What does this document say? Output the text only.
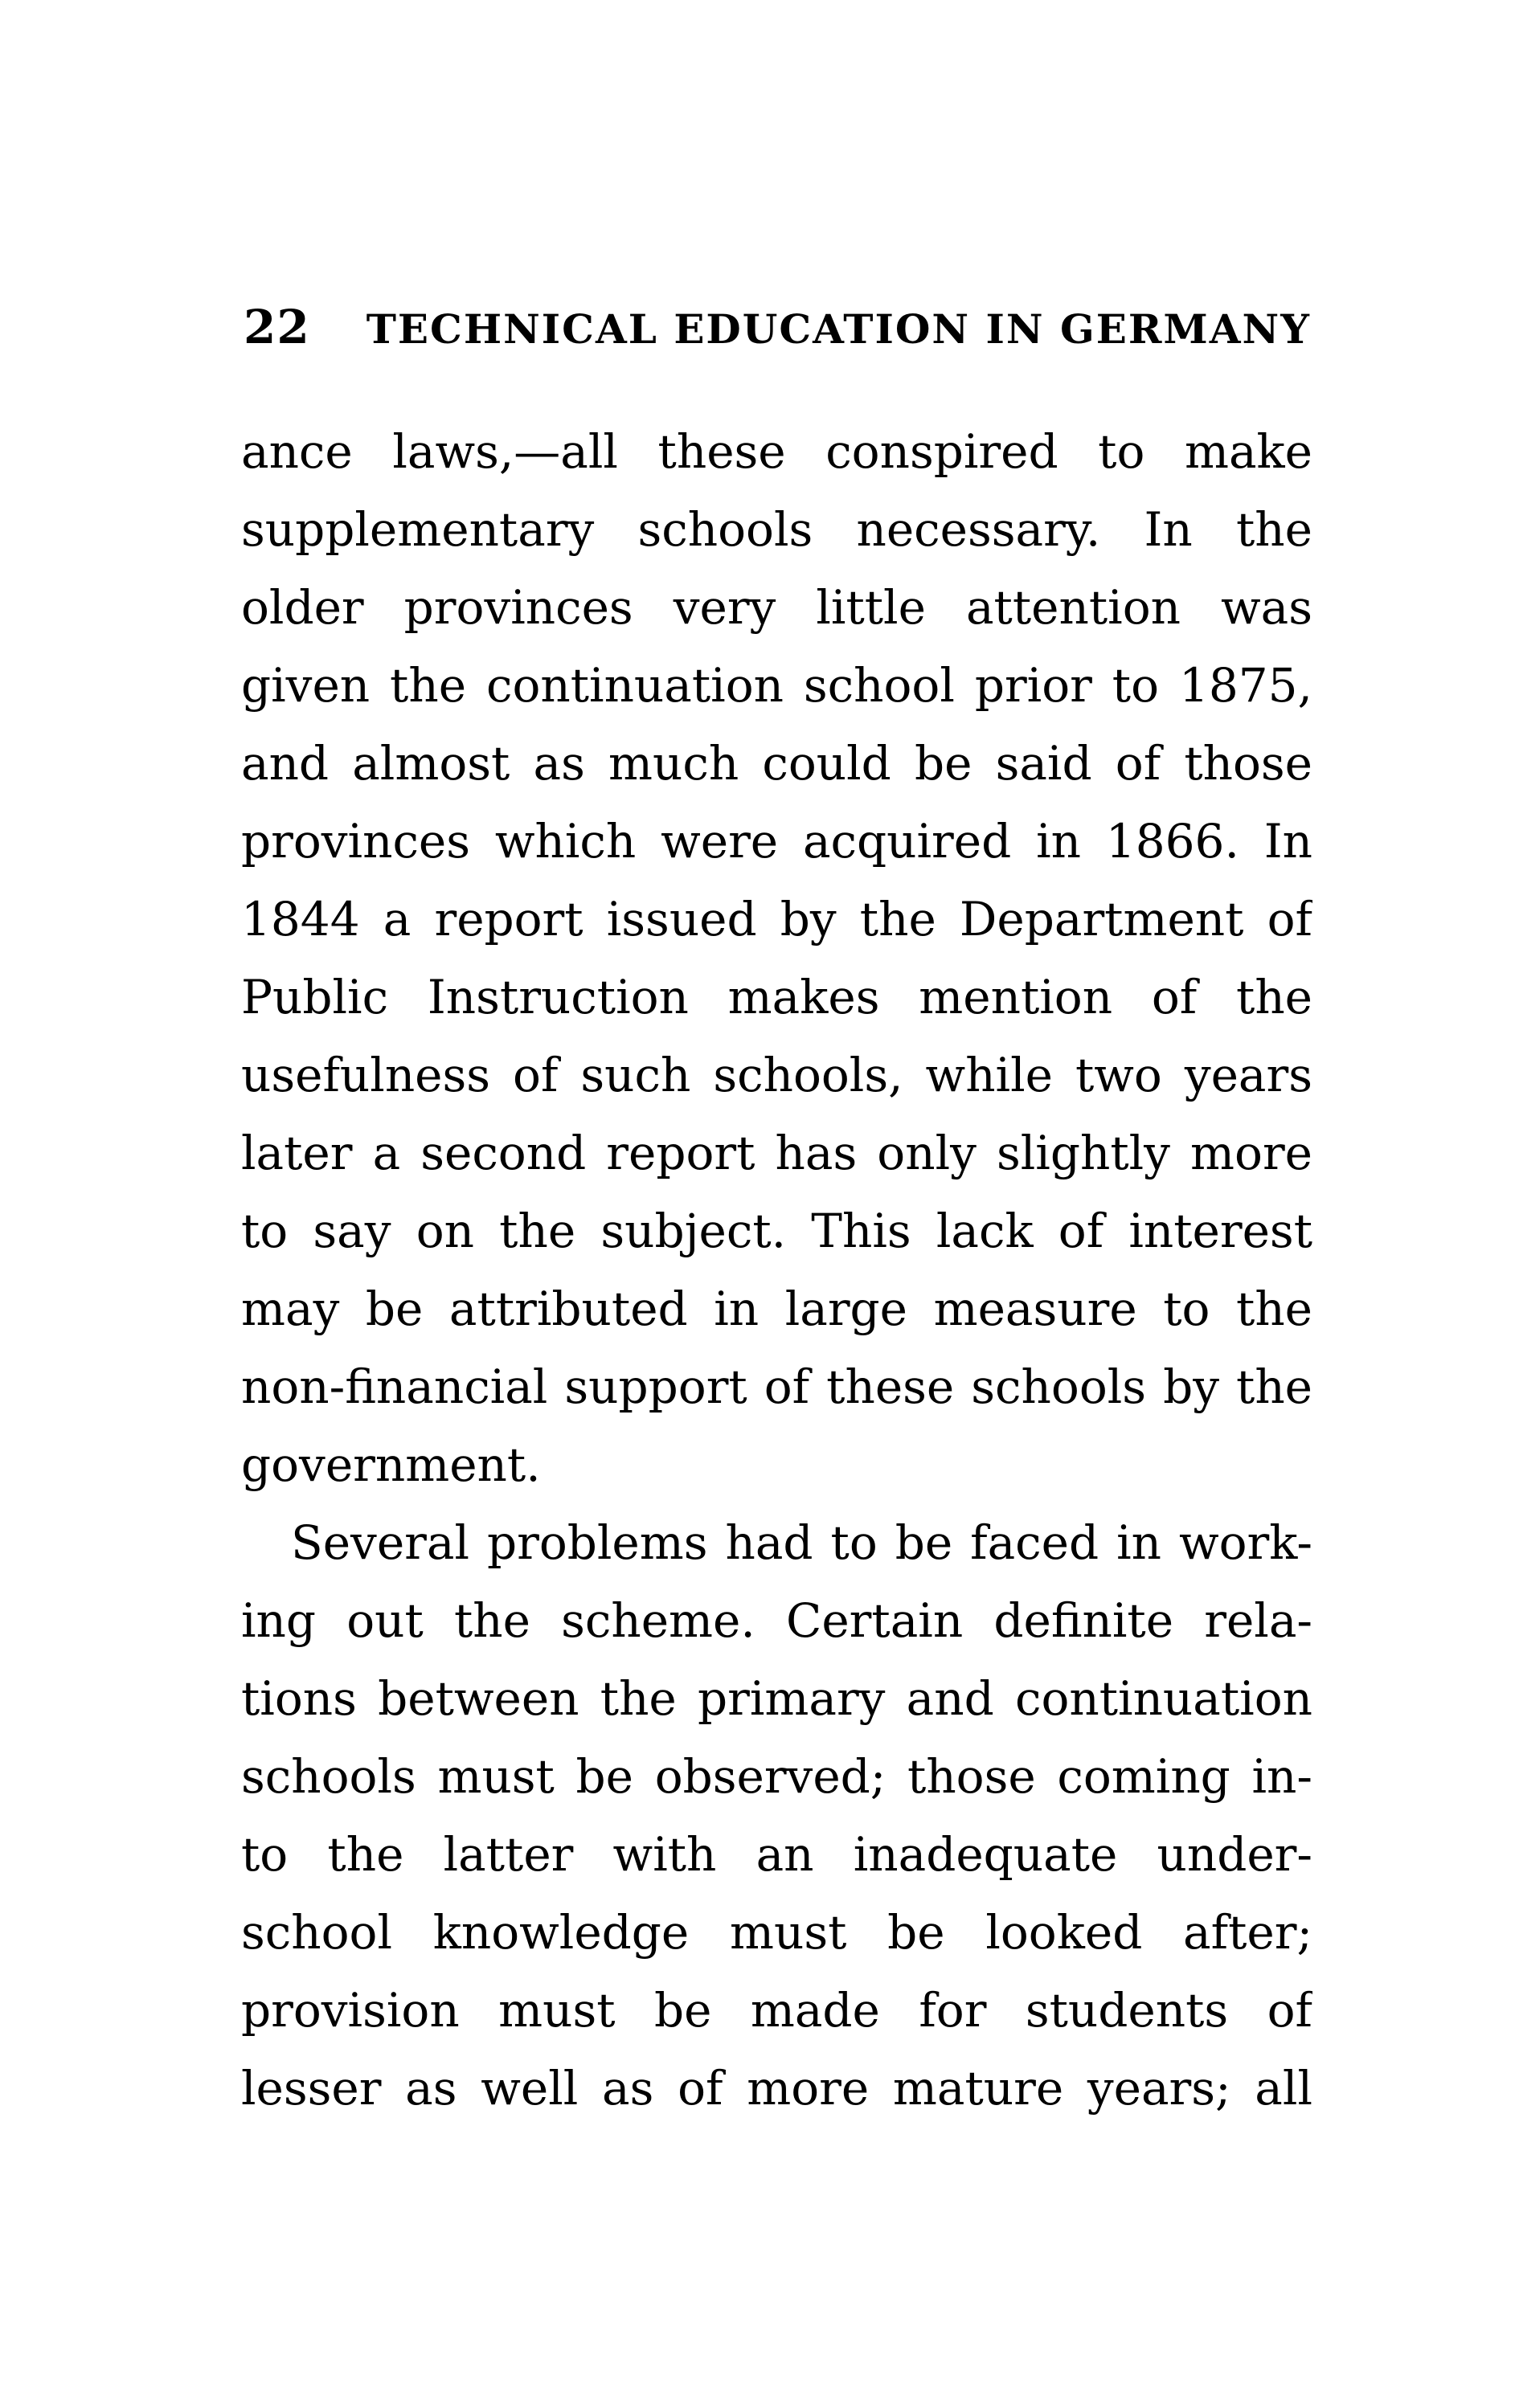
22 TECHNICAL EDUCATION IN GERMANY
ance laws,—all these conspired to make
supplementary schools necessary. In the
older provinces very little attention was
given the continuation school prior to 1875,
and almost as much could be said of those
provinces which were acquired in 1866. In
1844 a report issued by the Department of
Public Instruction makes mention of the
usefulness of such schools, while two years
later a second report has only slightly more
to say on the subject. This lack of interest
may be attributed in large measure to the
non-financial support of these schools by the
government.
Several problems had to be faced in work-
ing out the scheme. Certain definite rela-
tions between the primary and continuation
schools must be observed; those coming in-
to the latter with an inadequate under-
school knowledge must be looked after;
provision must be made for students of
lesser as well as of more mature years; all
